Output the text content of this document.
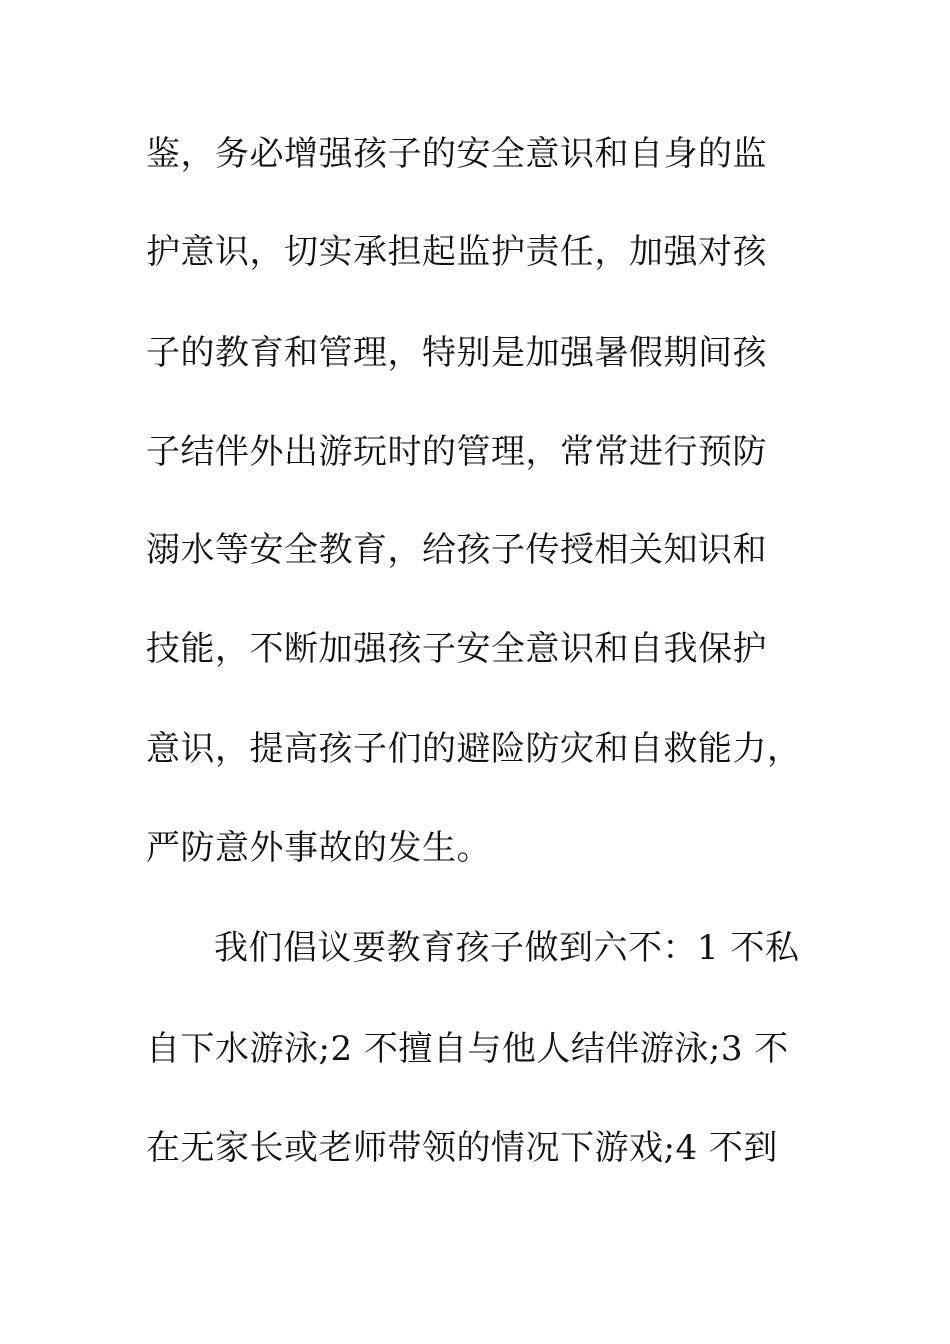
鉴，务必增强孩子的安全意识和自身的监
护意识，切实承担起监护责任，加强对孩
子的教育和管理，特别是加强暑假期间孩
子结伴外出游玩时的管理，常常进行预防
溺水等安全教育，给孩子传授相关知识和
技能，不断加强孩子安全意识和自我保护
意识，提高孩子们的避险防灾和自救能力，
严防意外事故的发生。
我们倡议要教育孩子做到六不：1 不私
自下水游泳;2 不擅自与他人结伴游泳;3 不
在无家长或老师带领的情况下游戏;4 不到
